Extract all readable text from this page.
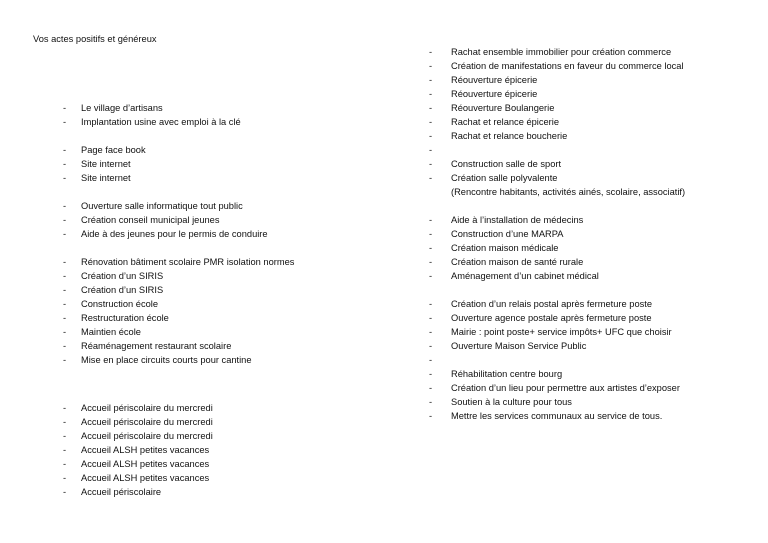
Vos actes positifs et généreux
- Le village d’artisans
- Implantation usine avec emploi à la clé
- Page face book
- Site internet
- Site internet
- Ouverture salle informatique tout public
- Création conseil municipal jeunes
- Aide à des jeunes pour le permis de conduire
- Rénovation bâtiment scolaire PMR isolation normes
- Création d’un SIRIS
- Création d’un SIRIS
- Construction école
- Restructuration école
- Maintien école
- Réaménagement restaurant scolaire
- Mise en place circuits courts pour cantine
- Accueil périscolaire du mercredi
- Accueil périscolaire du mercredi
- Accueil périscolaire du mercredi
- Accueil ALSH petites vacances
- Accueil ALSH petites vacances
- Accueil ALSH petites vacances
- Accueil périscolaire
- Rachat ensemble immobilier pour création commerce
- Création de manifestations en faveur du commerce local
- Réouverture épicerie
- Réouverture épicerie
- Réouverture Boulangerie
- Rachat et relance épicerie
- Rachat et relance boucherie
-
- Construction salle de sport
- Création salle polyvalente
(Rencontre habitants, activités ainés, scolaire, associatif)
- Aide à l’installation de médecins
- Construction d’une MARPA
- Création maison médicale
- Création maison de santé rurale
- Aménagement d’un cabinet médical
- Création d’un relais postal après fermeture poste
- Ouverture agence postale après fermeture poste
- Mairie : point poste+ service impôts+ UFC que choisir
- Ouverture Maison Service Public
-
- Réhabilitation centre bourg
- Création d’un lieu pour permettre aux artistes d’exposer
- Soutien à la culture pour tous
- Mettre les services communaux au service de tous.
